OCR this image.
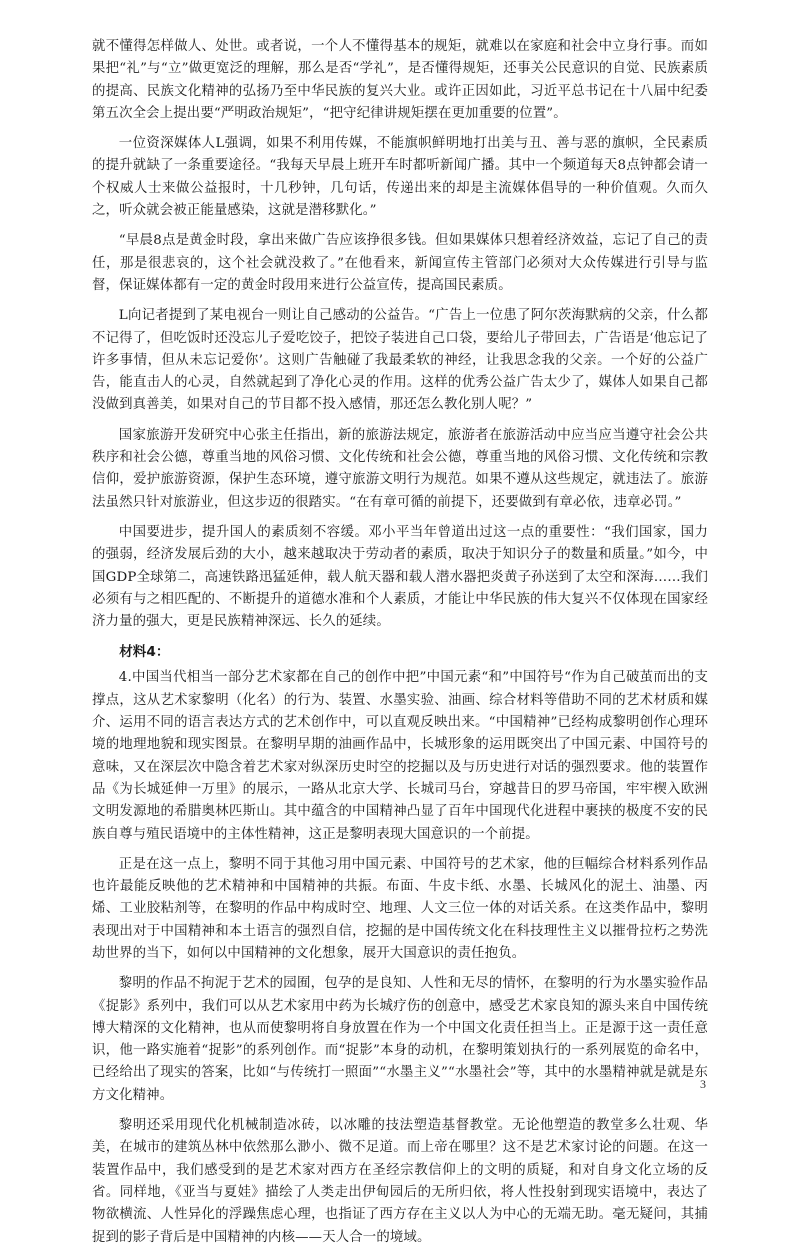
就不懂得怎样做人、处世。或者说，一个人不懂得基本的规矩，就难以在家庭和社会中立身行事。而如果把“礼”与“立”做更宽泛的理解，那么是否“学礼”，是否懂得规矩，还事关公民意识的自觉、民族素质的提高、民族文化精神的弘扬乃至中华民族的复兴大业。或许正因如此，习近平总书记在十八届中纪委第五次全会上提出要“严明政治规矩”，“把守纪律讲规矩摆在更加重要的位置”。

一位资深媒体人L强调，如果不利用传媒，不能旗帜鲜明地打出美与丑、善与恶的旗帜，全民素质的提升就缺了一条重要途径。“我每天早晨上班开车时都听新闻广播。其中一个频道每天8点钟都会请一个权威人士来做公益报时，十几秒钟，几句话，传递出来的却是主流媒体倡导的一种价值观。久而久之，听众就会被正能量感染，这就是潜移默化。”

“早晨8点是黄金时段，拿出来做广告应该挣很多钱。但如果媒体只想着经济效益，忘记了自己的责任，那是很悲哀的，这个社会就没救了。”在他看来，新闻宣传主管部门必须对大众传媒进行引导与监督，保证媒体都有一定的黄金时段用来进行公益宣传，提高国民素质。

L向记者提到了某电视台一则让自己感动的公益告。“广告上一位患了阿尔茨海默病的父亲，什么都不记得了，但吃饭时还没忘儿子爱吃饺子，把饺子装进自己口袋，要给儿子带回去，广告语是‘他忘记了许多事情，但从未忘记爱你’。这则广告触碰了我最柔软的神经，让我思念我的父亲。一个好的公益广告，能直击人的心灵，自然就起到了净化心灵的作用。这样的优秀公益广告太少了，媒体人如果自己都没做到真善美，如果对自己的节目都不投入感情，那还怎么教化别人呢？”

国家旅游开发研究中心张主任指出，新的旅游法规定，旅游者在旅游活动中应当应当遵守社会公共秩序和社会公德，尊重当地的风俗习惯、文化传统和社会公德，尊重当地的风俗习惯、文化传统和宗教信仰，爱护旅游资源，保护生态环境，遵守旅游文明行为规范。如果不遵从这些规定，就违法了。旅游法虽然只针对旅游业，但这步迈的很踏实。“在有章可循的前提下，还要做到有章必依，违章必罚。”

中国要进步，提升国人的素质刻不容缓。邓小平当年曾道出过这一点的重要性：“我们国家，国力的强弱，经济发展后劲的大小，越来越取决于劳动者的素质，取决于知识分子的数量和质量。”如今，中国GDP全球第二，高速铁路迅猛延伸，载人航天器和载人潜水器把炎黄子孙送到了太空和深海……我们必须有与之相匹配的、不断提升的道德水准和个人素质，才能让中华民族的伟大复兴不仅体现在国家经济力量的强大，更是民族精神深远、长久的延续。

材料4：

4.中国当代相当一部分艺术家都在自己的创作中把”中国元素“和”中国符号“作为自己破茧而出的支撑点，这从艺术家黎明（化名）的行为、装置、水墨实验、油画、综合材料等借助不同的艺术材质和媒介、运用不同的语言表达方式的艺术创作中，可以直观反映出来。“中国精神”已经构成黎明创作心理环境的地理地貌和现实图景。在黎明早期的油画作品中，长城形象的运用既突出了中国元素、中国符号的意味，又在深层次中隐含着艺术家对纵深历史时空的挖掘以及与历史进行对话的强烈要求。他的装置作品《为长城延伸一万里》的展示，一路从北京大学、长城司马台，穿越昔日的罗马帝国，牢牢楔入欧洲文明发源地的希腊奥林匹斯山。其中蕴含的中国精神凸显了百年中国现代化进程中裹挟的极度不安的民族自尊与殖民语境中的主体性精神，这正是黎明表现大国意识的一个前提。

正是在这一点上，黎明不同于其他习用中国元素、中国符号的艺术家，他的巨幅综合材料系列作品也许最能反映他的艺术精神和中国精神的共振。布面、牛皮卡纸、水墨、长城风化的泥土、油墨、丙烯、工业胶粘剂等，在黎明的作品中构成时空、地理、人文三位一体的对话关系。在这类作品中，黎明表现出对于中国精神和本土语言的强烈自信，挖掘的是中国传统文化在科技理性主义以摧骨拉朽之势洗劫世界的当下，如何以中国精神的文化想象，展开大国意识的责任抱负。

黎明的作品不拘泥于艺术的园囿，包孕的是良知、人性和无尽的情怀，在黎明的行为水墨实验作品《捉影》系列中，我们可以从艺术家用中药为长城疗伤的创意中，感受艺术家良知的源头来自中国传统博大精深的文化精神，也从而使黎明将自身放置在作为一个中国文化责任担当上。正是源于这一责任意识，他一路实施着“捉影”的系列创作。而“捉影”本身的动机，在黎明策划执行的一系列展览的命名中，已经给出了现实的答案，比如“与传统打一照面”“水墨主义”“水墨社会”等，其中的水墨精神就是就是东方文化精神。

黎明还采用现代化机械制造冰砖，以冰雕的技法塑造基督教堂。无论他塑造的教堂多么壮观、华美，在城市的建筑丛林中依然那么渺小、微不足道。而上帝在哪里？这不是艺术家讨论的问题。在这一装置作品中，我们感受到的是艺术家对西方在圣经宗教信仰上的文明的质疑，和对自身文化立场的反省。同样地，《亚当与夏娃》描绘了人类走出伊甸园后的无所归依，将人性投射到现实语境中，表达了物欲横流、人性异化的浮躁焦虑心理，也指证了西方存在主义以人为中心的无端无助。毫无疑问，其捕捉到的影子背后是中国精神的内核——天人合一的境域。

3
